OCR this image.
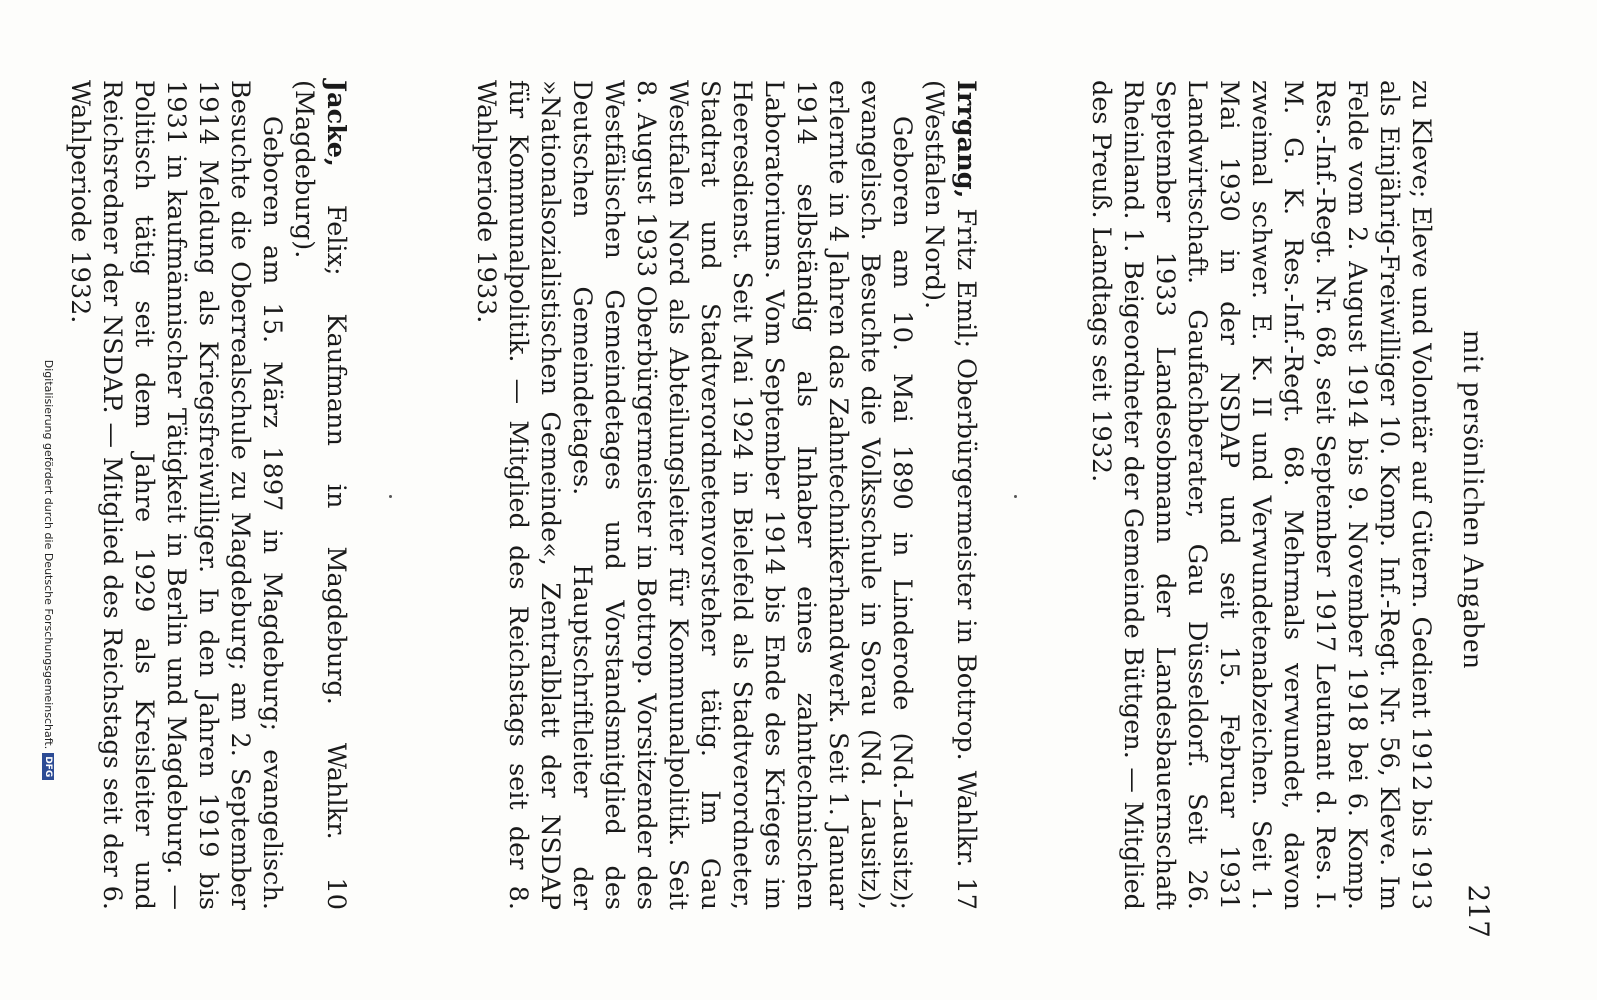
mit persönlichen Angaben
217

zu Kleve; Eleve und Volontär auf Gütern. Gedient 1912 bis 1913 als Einjährig-Freiwilliger 10. Komp. Inf.-Regt. Nr. 56, Kleve. Im Felde vom 2. August 1914 bis 9. November 1918 bei 6. Komp. Res.-Inf.-Regt. Nr. 68, seit September 1917 Leutnant d. Res. I. M. G. K. Res.-Inf.-Regt. 68. Mehrmals verwundet, davon zweimal schwer. E. K. II und Verwundetenabzeichen. Seit 1. Mai 1930 in der NSDAP und seit 15. Februar 1931 Landwirtschaft. Gaufachberater, Gau Düsseldorf. Seit 26. September 1933 Landesobmann der Landesbauernschaft Rheinland. 1. Beigeordneter der Gemeinde Büttgen. — Mitglied des Preuß. Landtags seit 1932.

Irrgang, Fritz Emil; Oberbürgermeister in Bottrop. Wahlkr. 17 (Westfalen Nord).

Geboren am 10. Mai 1890 in Linderode (Nd.-Lausitz); evangelisch. Besuchte die Volksschule in Sorau (Nd. Lausitz), erlernte in 4 Jahren das Zahntechnikerhandwerk. Seit 1. Januar 1914 selbständig als Inhaber eines zahntechnischen Laboratoriums. Vom September 1914 bis Ende des Krieges im Heeresdienst. Seit Mai 1924 in Bielefeld als Stadtverordneter, Stadtrat und Stadtverordnetenvorsteher tätig. Im Gau Westfalen Nord als Abteilungsleiter für Kommunalpolitik. Seit 8. August 1933 Oberbürgermeister in Bottrop. Vorsitzender des Westfälischen Gemeindetages und Vorstandsmitglied des Deutschen Gemeindetages. Hauptschriftleiter der »Nationalsozialistischen Gemeinde«, Zentralblatt der NSDAP für Kommunalpolitik. — Mitglied des Reichstags seit der 8. Wahlperiode 1933.

Jacke, Felix; Kaufmann in Magdeburg. Wahlkr. 10 (Magdeburg).

Geboren am 15. März 1897 in Magdeburg; evangelisch. Besuchte die Oberrealschule zu Magdeburg; am 2. September 1914 Meldung als Kriegsfreiwilliger. In den Jahren 1919 bis 1931 in kaufmännischer Tätigkeit in Berlin und Magdeburg. — Politisch tätig seit dem Jahre 1929 als Kreisleiter und Reichsredner der NSDAP. — Mitglied des Reichstags seit der 6. Wahlperiode 1932.

Digitalisierung gefördert durch die Deutsche Forschungsgemeinschaft.DFG
